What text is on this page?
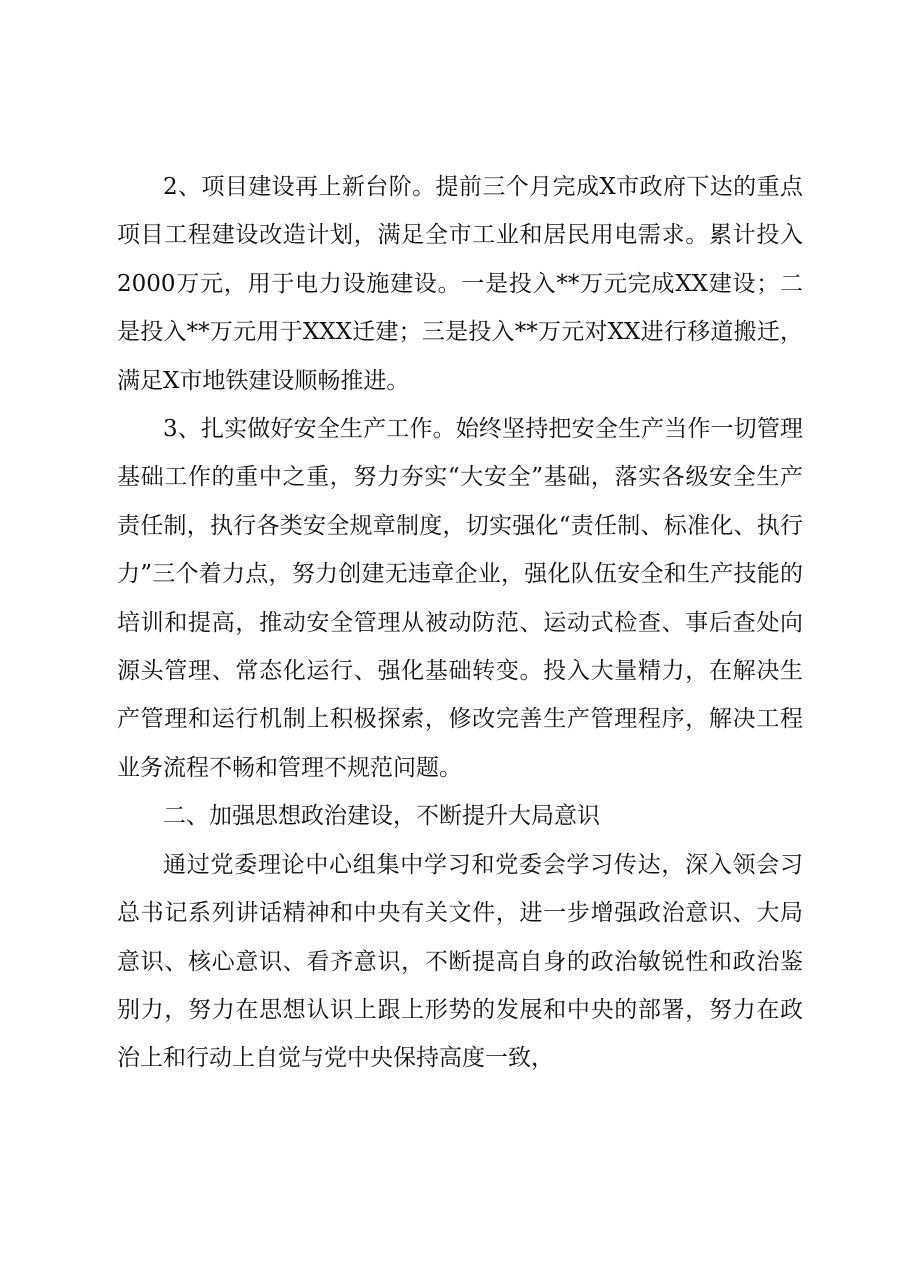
2、项目建设再上新台阶。提前三个月完成X市政府下达的重点项目工程建设改造计划，满足全市工业和居民用电需求。累计投入2000万元，用于电力设施建设。一是投入**万元完成XX建设；二是投入**万元用于XXX迁建；三是投入**万元对XX进行移道搬迁，满足X市地铁建设顺畅推进。

3、扎实做好安全生产工作。始终坚持把安全生产当作一切管理基础工作的重中之重，努力夯实“大安全”基础，落实各级安全生产责任制，执行各类安全规章制度，切实强化“责任制、标准化、执行力”三个着力点，努力创建无违章企业，强化队伍安全和生产技能的培训和提高，推动安全管理从被动防范、运动式检查、事后查处向源头管理、常态化运行、强化基础转变。投入大量精力，在解决生产管理和运行机制上积极探索，修改完善生产管理程序，解决工程业务流程不畅和管理不规范问题。

二、加强思想政治建设，不断提升大局意识

通过党委理论中心组集中学习和党委会学习传达，深入领会习总书记系列讲话精神和中央有关文件，进一步增强政治意识、大局意识、核心意识、看齐意识，不断提高自身的政治敏锐性和政治鉴别力，努力在思想认识上跟上形势的发展和中央的部署，努力在政治上和行动上自觉与党中央保持高度一致，
